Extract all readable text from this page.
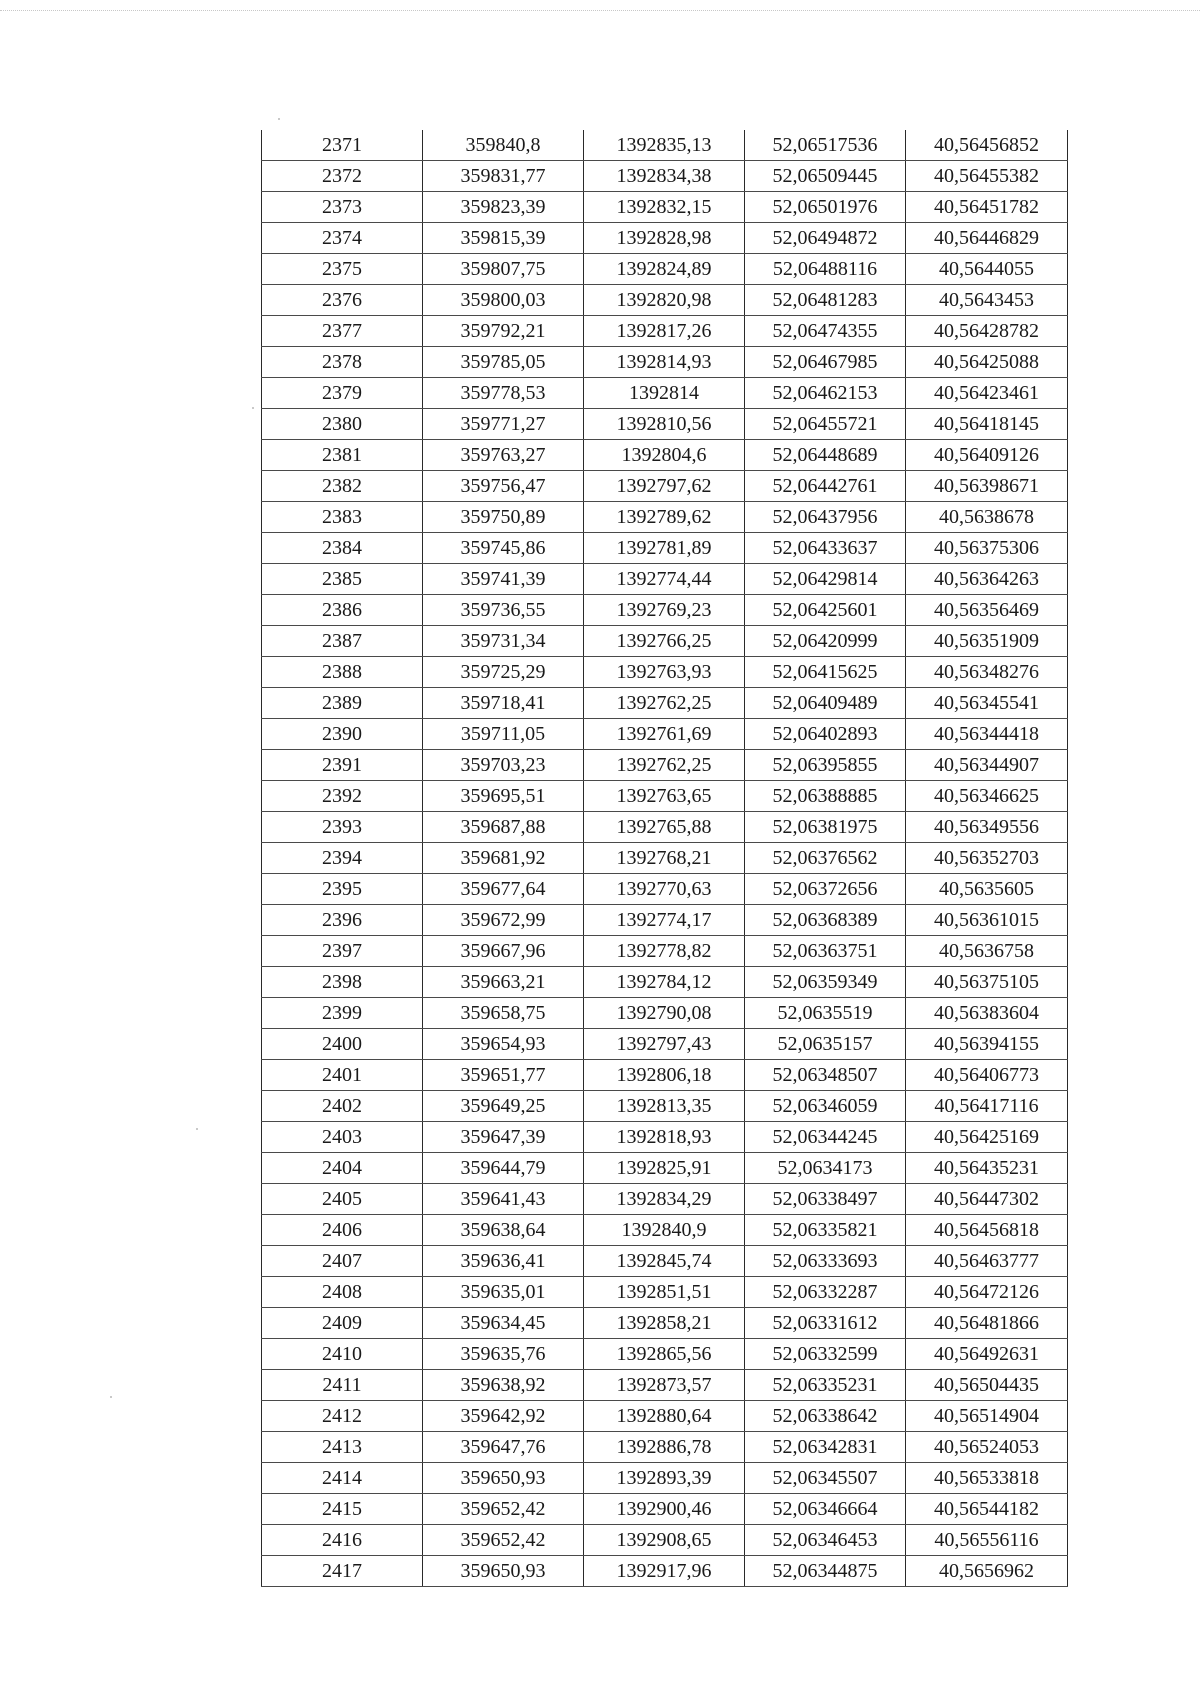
2371	359840,8	1392835,13	52,06517536	40,56456852
2372	359831,77	1392834,38	52,06509445	40,56455382
2373	359823,39	1392832,15	52,06501976	40,56451782
2374	359815,39	1392828,98	52,06494872	40,56446829
2375	359807,75	1392824,89	52,06488116	40,5644055
2376	359800,03	1392820,98	52,06481283	40,5643453
2377	359792,21	1392817,26	52,06474355	40,56428782
2378	359785,05	1392814,93	52,06467985	40,56425088
2379	359778,53	1392814	52,06462153	40,56423461
2380	359771,27	1392810,56	52,06455721	40,56418145
2381	359763,27	1392804,6	52,06448689	40,56409126
2382	359756,47	1392797,62	52,06442761	40,56398671
2383	359750,89	1392789,62	52,06437956	40,5638678
2384	359745,86	1392781,89	52,06433637	40,56375306
2385	359741,39	1392774,44	52,06429814	40,56364263
2386	359736,55	1392769,23	52,06425601	40,56356469
2387	359731,34	1392766,25	52,06420999	40,56351909
2388	359725,29	1392763,93	52,06415625	40,56348276
2389	359718,41	1392762,25	52,06409489	40,56345541
2390	359711,05	1392761,69	52,06402893	40,56344418
2391	359703,23	1392762,25	52,06395855	40,56344907
2392	359695,51	1392763,65	52,06388885	40,56346625
2393	359687,88	1392765,88	52,06381975	40,56349556
2394	359681,92	1392768,21	52,06376562	40,56352703
2395	359677,64	1392770,63	52,06372656	40,5635605
2396	359672,99	1392774,17	52,06368389	40,56361015
2397	359667,96	1392778,82	52,06363751	40,5636758
2398	359663,21	1392784,12	52,06359349	40,56375105
2399	359658,75	1392790,08	52,0635519	40,56383604
2400	359654,93	1392797,43	52,0635157	40,56394155
2401	359651,77	1392806,18	52,06348507	40,56406773
2402	359649,25	1392813,35	52,06346059	40,56417116
2403	359647,39	1392818,93	52,06344245	40,56425169
2404	359644,79	1392825,91	52,0634173	40,56435231
2405	359641,43	1392834,29	52,06338497	40,56447302
2406	359638,64	1392840,9	52,06335821	40,56456818
2407	359636,41	1392845,74	52,06333693	40,56463777
2408	359635,01	1392851,51	52,06332287	40,56472126
2409	359634,45	1392858,21	52,06331612	40,56481866
2410	359635,76	1392865,56	52,06332599	40,56492631
2411	359638,92	1392873,57	52,06335231	40,56504435
2412	359642,92	1392880,64	52,06338642	40,56514904
2413	359647,76	1392886,78	52,06342831	40,56524053
2414	359650,93	1392893,39	52,06345507	40,56533818
2415	359652,42	1392900,46	52,06346664	40,56544182
2416	359652,42	1392908,65	52,06346453	40,56556116
2417	359650,93	1392917,96	52,06344875	40,5656962
